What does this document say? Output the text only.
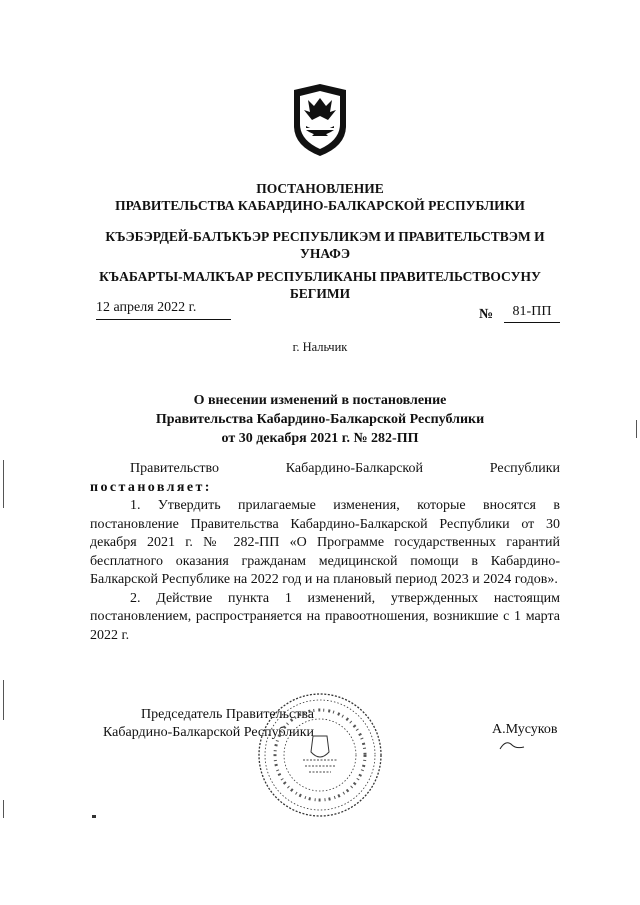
ПОСТАНОВЛЕНИЕ
ПРАВИТЕЛЬСТВА КАБАРДИНО-БАЛКАРСКОЙ РЕСПУБЛИКИ
КЪЭБЭРДЕЙ-БАЛЪКЪЭР РЕСПУБЛИКЭМ И ПРАВИТЕЛЬСТВЭМ И УНАФЭ
КЪАБАРТЫ-МАЛКЪАР РЕСПУБЛИКАНЫ ПРАВИТЕЛЬСТВОСУНУ
БЕГИМИ
12 апреля 2022 г.	№	81-ПП
г. Нальчик
О внесении изменений в постановление
Правительства Кабардино-Балкарской Республики
от 30 декабря 2021 г. № 282-ПП
Правительство	Кабардино-Балкарской	Республики
постановляет:

1. Утвердить прилагаемые изменения, которые вносятся в постановление Правительства Кабардино-Балкарской Республики от 30 декабря 2021 г. № 282-ПП «О Программе государственных гарантий бесплатного оказания гражданам медицинской помощи в Кабардино-Балкарской Республике на 2022 год и на плановый период 2023 и 2024 годов».

2. Действие пункта 1 изменений, утвержденных настоящим постановлением, распространяется на правоотношения, возникшие с 1 марта 2022 г.

Председатель Правительства
Кабардино-Балкарской Республики	А.Мусуков
